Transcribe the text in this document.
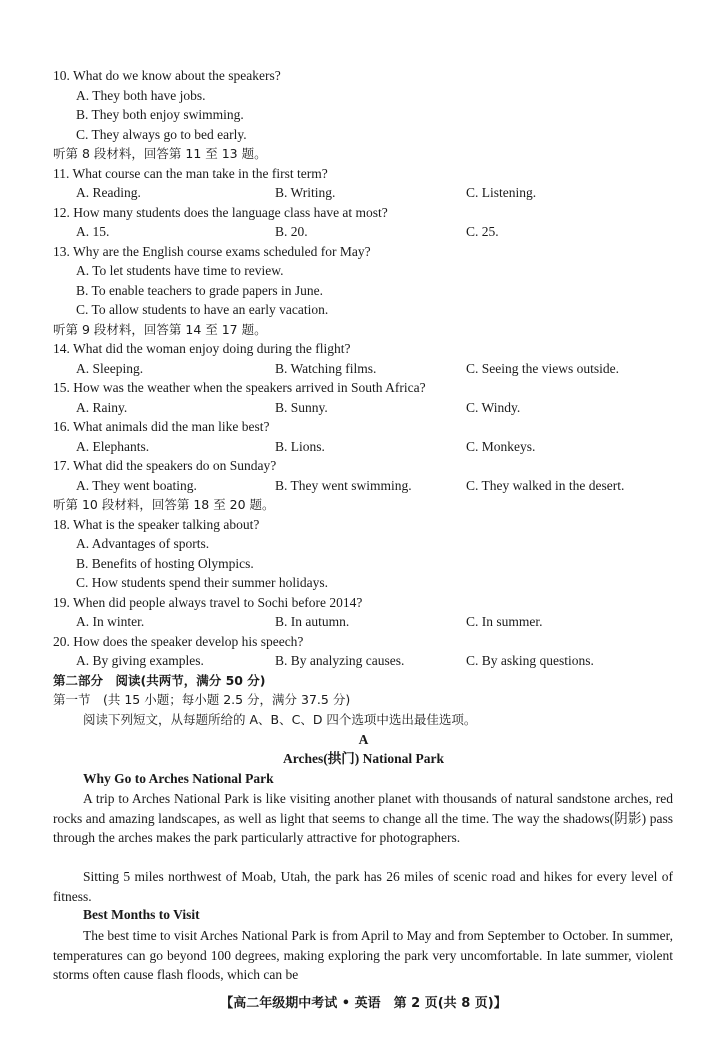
10. What do we know about the speakers?
A. They both have jobs.
B. They both enjoy swimming.
C. They always go to bed early.
听第 8 段材料，回答第 11 至 13 题。
11. What course can the man take in the first term?
A. Reading.	B. Writing.	C. Listening.
12. How many students does the language class have at most?
A. 15.	B. 20.	C. 25.
13. Why are the English course exams scheduled for May?
A. To let students have time to review.
B. To enable teachers to grade papers in June.
C. To allow students to have an early vacation.
听第 9 段材料，回答第 14 至 17 题。
14. What did the woman enjoy doing during the flight?
A. Sleeping.	B. Watching films.	C. Seeing the views outside.
15. How was the weather when the speakers arrived in South Africa?
A. Rainy.	B. Sunny.	C. Windy.
16. What animals did the man like best?
A. Elephants.	B. Lions.	C. Monkeys.
17. What did the speakers do on Sunday?
A. They went boating.	B. They went swimming.	C. They walked in the desert.
听第 10 段材料，回答第 18 至 20 题。
18. What is the speaker talking about?
A. Advantages of sports.
B. Benefits of hosting Olympics.
C. How students spend their summer holidays.
19. When did people always travel to Sochi before 2014?
A. In winter.	B. In autumn.	C. In summer.
20. How does the speaker develop his speech?
A. By giving examples.	B. By analyzing causes.	C. By asking questions.
第二部分　阅读(共两节，满分 50 分)
第一节　(共 15 小题；每小题 2.5 分，满分 37.5 分)
阅读下列短文，从每题所给的 A、B、C、D 四个选项中选出最佳选项。
A
Arches(拱门) National Park
Why Go to Arches National Park
A trip to Arches National Park is like visiting another planet with thousands of natural sandstone arches, red rocks and amazing landscapes, as well as light that seems to change all the time. The way the shadows(阴影) pass through the arches makes the park particularly attractive for photographers.
Sitting 5 miles northwest of Moab, Utah, the park has 26 miles of scenic road and hikes for every level of fitness.
Best Months to Visit
The best time to visit Arches National Park is from April to May and from September to October. In summer, temperatures can go beyond 100 degrees, making exploring the park very uncomfortable. In late summer, violent storms often cause flash floods, which can be
【高二年级期中考试 • 英语　第 2 页(共 8 页)】
